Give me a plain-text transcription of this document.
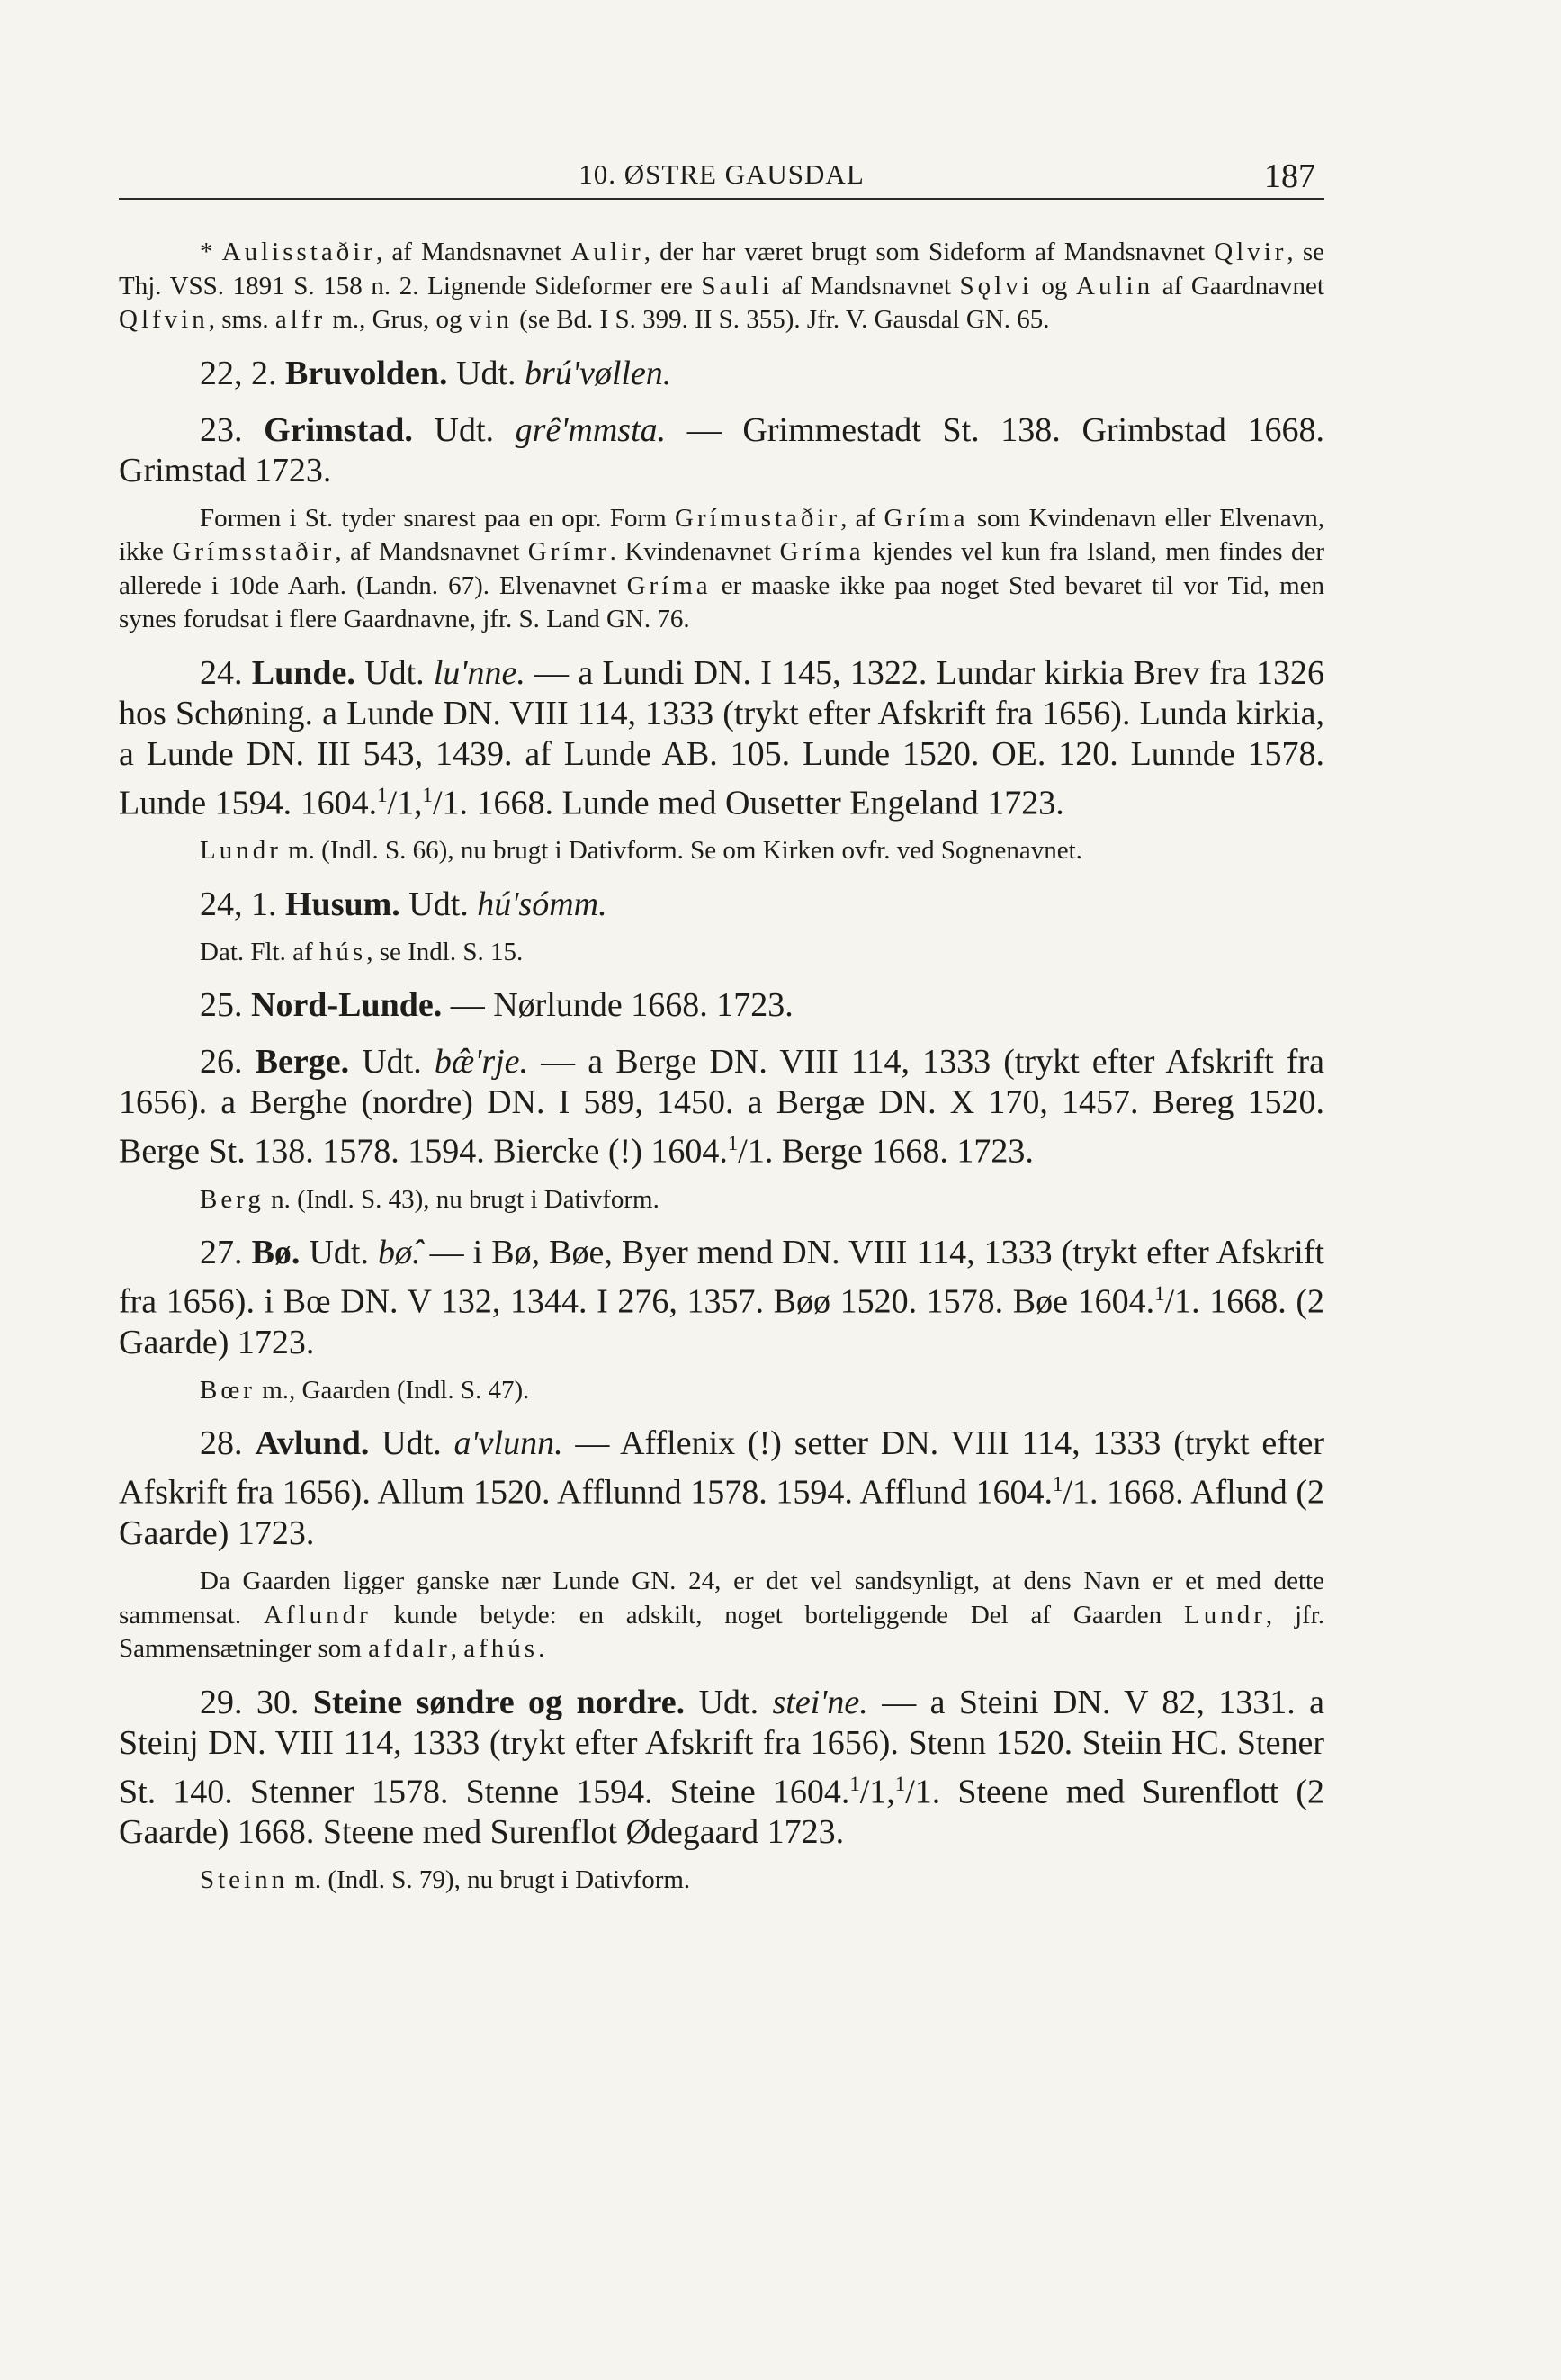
10. ØSTRE GAUSDAL	187

* Aulisstaðir, af Mandsnavnet Aulir, der har været brugt som Sideform af Mandsnavnet Qlvir, se Thj. VSS. 1891 S. 158 n. 2. Lignende Sideformer ere Sauli af Mandsnavnet Sǫlvi og Aulin af Gaardnavnet Qlfvin, sms. alfr m., Grus, og vin (se Bd. I S. 399. II S. 355). Jfr. V. Gausdal GN. 65.

22, 2. Bruvolden. Udt. brú'vøllen.

23. Grimstad. Udt. grê'mmsta. — Grimmestadt St. 138. Grimbstad 1668. Grimstad 1723.

Formen i St. tyder snarest paa en opr. Form Grímustaðir, af Gríma som Kvindenavn eller Elvenavn, ikke Grímsstaðir, af Mandsnavnet Grímr. Kvindenavnet Gríma kjendes vel kun fra Island, men findes der allerede i 10de Aarh. (Landn. 67). Elvenavnet Gríma er maaske ikke paa noget Sted bevaret til vor Tid, men synes forudsat i flere Gaardnavne, jfr. S. Land GN. 76.

24. Lunde. Udt. lu'nne. — a Lundi DN. I 145, 1322. Lundar kirkia Brev fra 1326 hos Schøning. a Lunde DN. VIII 114, 1333 (trykt efter Afskrift fra 1656). Lunda kirkia, a Lunde DN. III 543, 1439. af Lunde AB. 105. Lunde 1520. OE. 120. Lunnde 1578. Lunde 1594. 1604.$^1$/1,$^1$/1. 1668. Lunde med Ousetter Engeland 1723.

Lundr m. (Indl. S. 66), nu brugt i Dativform. Se om Kirken ovfr. ved Sognenavnet.

24, 1. Husum. Udt. hú'sómm.

Dat. Flt. af hús, se Indl. S. 15.

25. Nord-Lunde. — Nørlunde 1668. 1723.

26. Berge. Udt. bæ̂'rje. — a Berge DN. VIII 114, 1333 (trykt efter Afskrift fra 1656). a Berghe (nordre) DN. I 589, 1450. a Bergæ DN. X 170, 1457. Bereg 1520. Berge St. 138. 1578. 1594. Biercke (!) 1604.$^1$/1. Berge 1668. 1723.

Berg n. (Indl. S. 43), nu brugt i Dativform.

27. Bø. Udt. bø̂. — i Bø, Bøe, Byer mend DN. VIII 114, 1333 (trykt efter Afskrift fra 1656). i Bœ DN. V 132, 1344. I 276, 1357. Bøø 1520. 1578. Bøe 1604.$^1$/1. 1668. (2 Gaarde) 1723.

Bœr m., Gaarden (Indl. S. 47).

28. Avlund. Udt. a'vlunn. — Afflenix (!) setter DN. VIII 114, 1333 (trykt efter Afskrift fra 1656). Allum 1520. Afflunnd 1578. 1594. Afflund 1604.$^1$/1. 1668. Aflund (2 Gaarde) 1723.

Da Gaarden ligger ganske nær Lunde GN. 24, er det vel sandsynligt, at dens Navn er et med dette sammensat. Aflundr kunde betyde: en adskilt, noget borteliggende Del af Gaarden Lundr, jfr. Sammensætninger som afdalr, afhús.

29. 30. Steine søndre og nordre. Udt. stei'ne. — a Steini DN. V 82, 1331. a Steinj DN. VIII 114, 1333 (trykt efter Afskrift fra 1656). Stenn 1520. Steiin HC. Stener St. 140. Stenner 1578. Stenne 1594. Steine 1604.$^1$/1,$^1$/1. Steene med Surenflott (2 Gaarde) 1668. Steene med Surenflot Ødegaard 1723.

Steinn m. (Indl. S. 79), nu brugt i Dativform.
